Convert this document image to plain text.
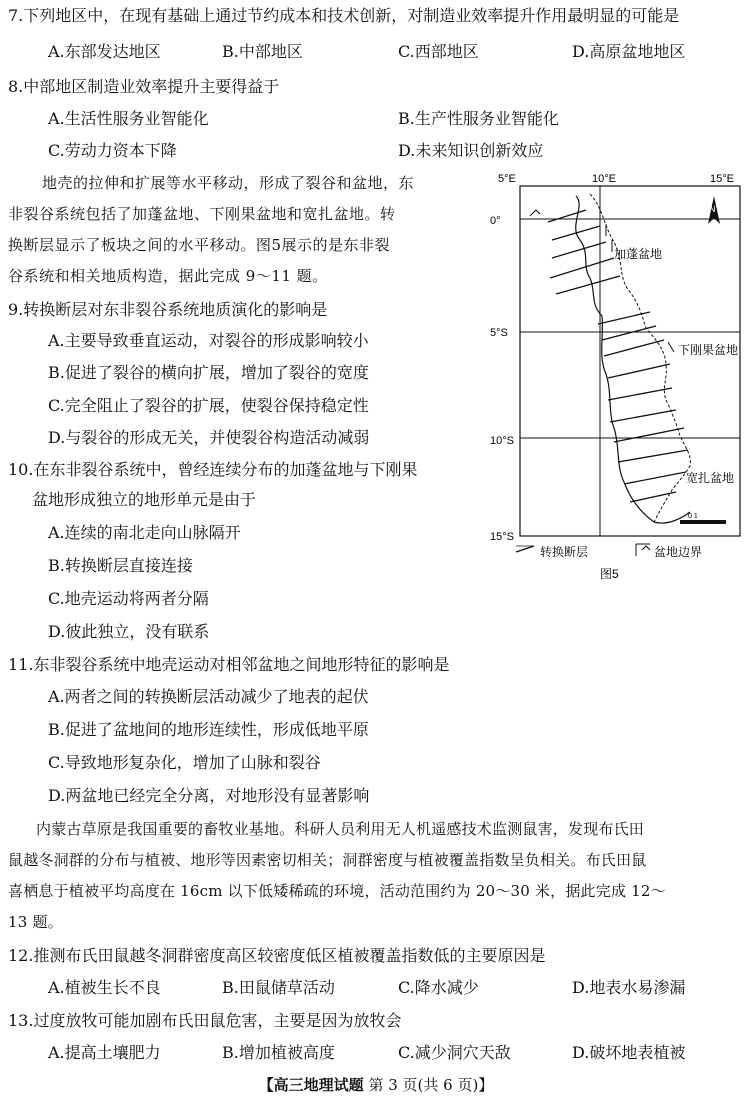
7.下列地区中，在现有基础上通过节约成本和技术创新，对制造业效率提升作用最明显的可能是
A.东部发达地区	B.中部地区	C.西部地区	D.高原盆地地区
8.中部地区制造业效率提升主要得益于
A.生活性服务业智能化	B.生产性服务业智能化
C.劳动力资本下降	D.未来知识创新效应
地壳的拉伸和扩展等水平移动，形成了裂谷和盆地，东
非裂谷系统包括了加蓬盆地、下刚果盆地和宽扎盆地。转
换断层显示了板块之间的水平移动。图5展示的是东非裂
谷系统和相关地质构造，据此完成 9～11 题。
9.转换断层对东非裂谷系统地质演化的影响是
A.主要导致垂直运动，对裂谷的形成影响较小
B.促进了裂谷的横向扩展，增加了裂谷的宽度
C.完全阻止了裂谷的扩展，使裂谷保持稳定性
D.与裂谷的形成无关，并使裂谷构造活动减弱
10.在东非裂谷系统中，曾经连续分布的加蓬盆地与下刚果
盆地形成独立的地形单元是由于
A.连续的南北走向山脉隔开
B.转换断层直接连接
C.地壳运动将两者分隔
D.彼此独立，没有联系
11.东非裂谷系统中地壳运动对相邻盆地之间地形特征的影响是
A.两者之间的转换断层活动减少了地表的起伏
B.促进了盆地间的地形连续性，形成低地平原
C.导致地形复杂化，增加了山脉和裂谷
D.两盆地已经完全分离，对地形没有显著影响
内蒙古草原是我国重要的畜牧业基地。科研人员利用无人机遥感技术监测鼠害，发现布氏田
鼠越冬洞群的分布与植被、地形等因素密切相关；洞群密度与植被覆盖指数呈负相关。布氏田鼠
喜栖息于植被平均高度在 16cm 以下低矮稀疏的环境，活动范围约为 20～30 米，据此完成 12～
13 题。
12.推测布氏田鼠越冬洞群密度高区较密度低区植被覆盖指数低的主要原因是
A.植被生长不良	B.田鼠储草活动	C.降水减少	D.地表水易渗漏
13.过度放牧可能加剧布氏田鼠危害，主要是因为放牧会
A.提高土壤肥力	B.增加植被高度	C.减少洞穴天敌	D.破坏地表植被
5°E	10°E	15°E
0°
5°S
10°S
15°S
N
加蓬盆地
下刚果盆地
宽扎盆地
0 1
转换断层	盆地边界
图5
【高三地理试题 第 3 页(共 6 页)】
